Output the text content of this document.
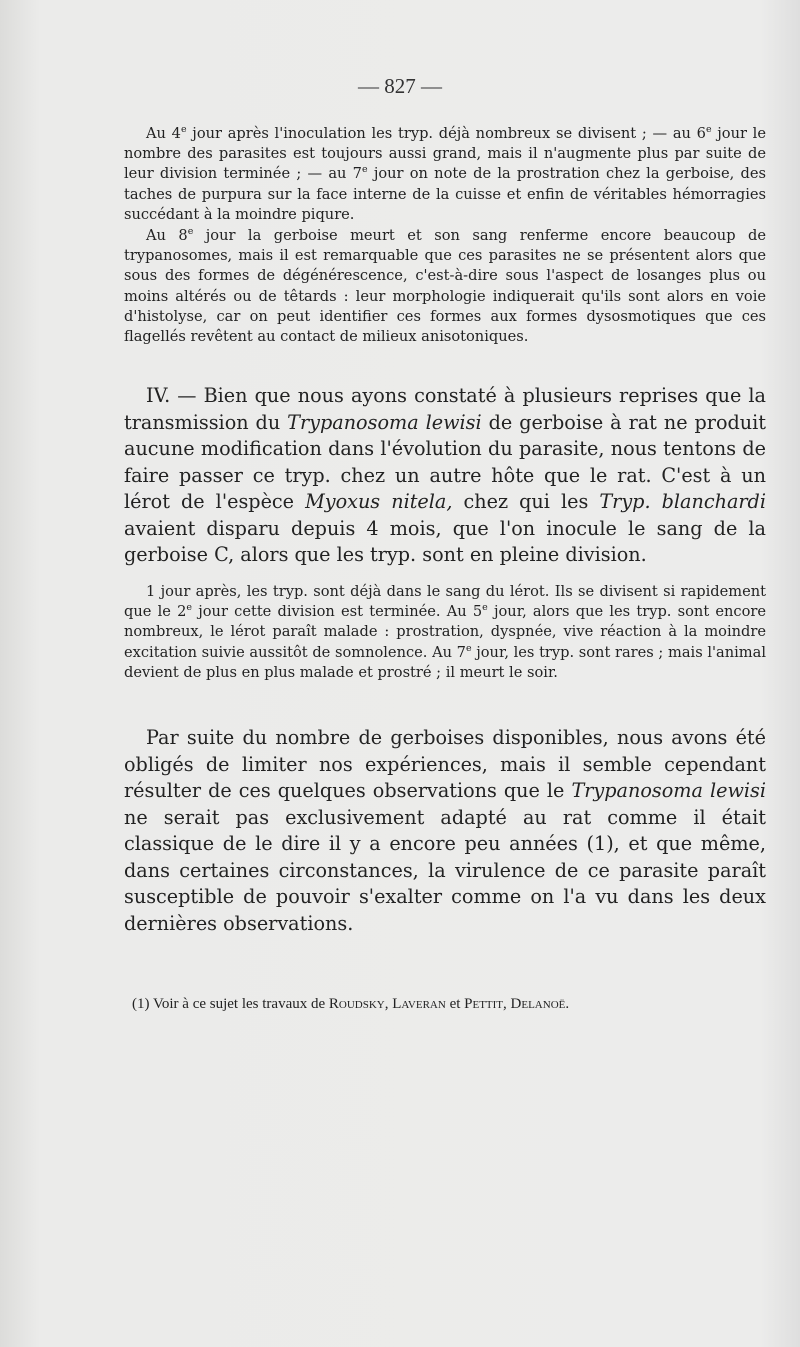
— 827 —

Au 4e jour après l'inoculation les tryp. déjà nombreux se divisent ; — au 6e jour le nombre des parasites est toujours aussi grand, mais il n'augmente plus par suite de leur division terminée ; — au 7e jour on note de la prostration chez la gerboise, des taches de purpura sur la face interne de la cuisse et enfin de véritables hémorragies succédant à la moindre piqure.

Au 8e jour la gerboise meurt et son sang renferme encore beaucoup de trypanosomes, mais il est remarquable que ces parasites ne se présentent alors que sous des formes de dégénérescence, c'est-à-dire sous l'aspect de losanges plus ou moins altérés ou de têtards : leur morphologie indiquerait qu'ils sont alors en voie d'histolyse, car on peut identifier ces formes aux formes dysosmotiques que ces flagellés revêtent au contact de milieux anisotoniques.

IV. — Bien que nous ayons constaté à plusieurs reprises que la transmission du Trypanosoma lewisi de gerboise à rat ne produit aucune modification dans l'évolution du parasite, nous tentons de faire passer ce tryp. chez un autre hôte que le rat. C'est à un lérot de l'espèce Myoxus nitela, chez qui les Tryp. blanchardi avaient disparu depuis 4 mois, que l'on inocule le sang de la gerboise C, alors que les tryp. sont en pleine division.

1 jour après, les tryp. sont déjà dans le sang du lérot. Ils se divisent si rapidement que le 2e jour cette division est terminée. Au 5e jour, alors que les tryp. sont encore nombreux, le lérot paraît malade : prostration, dyspnée, vive réaction à la moindre excitation suivie aussitôt de somnolence. Au 7e jour, les tryp. sont rares ; mais l'animal devient de plus en plus malade et prostré ; il meurt le soir.

Par suite du nombre de gerboises disponibles, nous avons été obligés de limiter nos expériences, mais il semble cependant résulter de ces quelques observations que le Trypanosoma lewisi ne serait pas exclusivement adapté au rat comme il était classique de le dire il y a encore peu années (1), et que même, dans certaines circonstances, la virulence de ce parasite paraît susceptible de pouvoir s'exalter comme on l'a vu dans les deux dernières observations.

(1) Voir à ce sujet les travaux de Roudsky, Laveran et Pettit, Delanoë.
